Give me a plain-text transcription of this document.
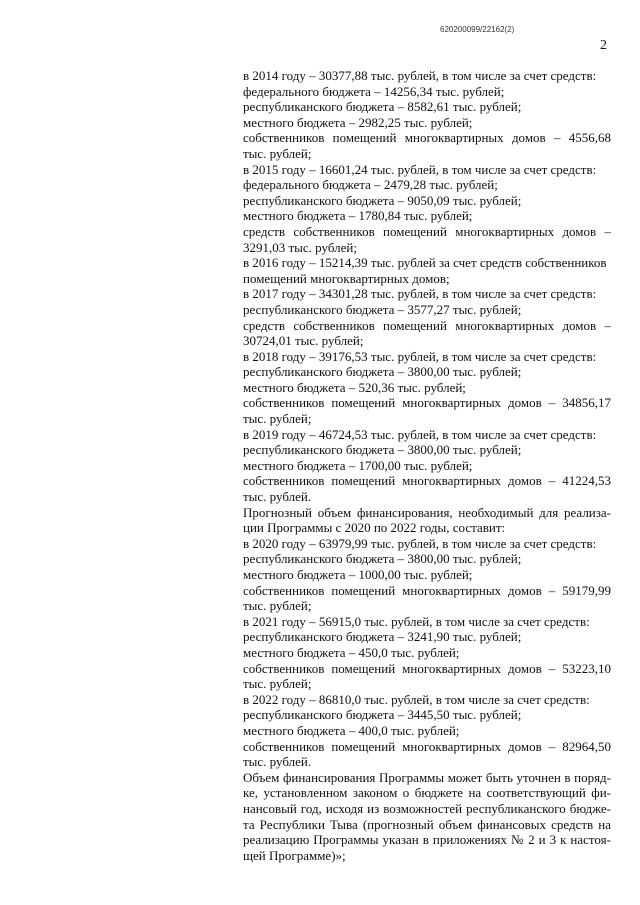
620200099/22162(2)
2
в 2014 году – 30377,88 тыс. рублей, в том числе за счет средств:
федерального бюджета – 14256,34 тыс. рублей;
республиканского бюджета – 8582,61 тыс. рублей;
местного бюджета – 2982,25 тыс. рублей;
собственников помещений многоквартирных домов – 4556,68
тыс. рублей;
в 2015 году – 16601,24 тыс. рублей, в том числе за счет средств:
федерального бюджета – 2479,28 тыс. рублей;
республиканского бюджета – 9050,09 тыс. рублей;
местного бюджета – 1780,84 тыс. рублей;
средств собственников помещений многоквартирных домов –
3291,03 тыс. рублей;
в 2016 году – 15214,39 тыс. рублей за счет средств собственников
помещений многоквартирных домов;
в 2017 году – 34301,28 тыс. рублей, в том числе за счет средств:
республиканского бюджета – 3577,27 тыс. рублей;
средств собственников помещений многоквартирных домов –
30724,01 тыс. рублей;
в 2018 году – 39176,53 тыс. рублей, в том числе за счет средств:
республиканского бюджета – 3800,00 тыс. рублей;
местного бюджета – 520,36 тыс. рублей;
собственников помещений многоквартирных домов – 34856,17
тыс. рублей;
в 2019 году – 46724,53 тыс. рублей, в том числе за счет средств:
республиканского бюджета – 3800,00 тыс. рублей;
местного бюджета – 1700,00 тыс. рублей;
собственников помещений многоквартирных домов – 41224,53
тыс. рублей.
Прогнозный объем финансирования, необходимый для реализа-
ции Программы с 2020 по 2022 годы, составит:
в 2020 году – 63979,99 тыс. рублей, в том числе за счет средств:
республиканского бюджета – 3800,00 тыс. рублей;
местного бюджета – 1000,00 тыс. рублей;
собственников помещений многоквартирных домов – 59179,99
тыс. рублей;
в 2021 году – 56915,0 тыс. рублей, в том числе за счет средств:
республиканского бюджета – 3241,90 тыс. рублей;
местного бюджета – 450,0 тыс. рублей;
собственников помещений многоквартирных домов – 53223,10
тыс. рублей;
в 2022 году – 86810,0 тыс. рублей, в том числе за счет средств:
республиканского бюджета – 3445,50 тыс. рублей;
местного бюджета – 400,0 тыс. рублей;
собственников помещений многоквартирных домов – 82964,50
тыс. рублей.
Объем финансирования Программы может быть уточнен в поряд-
ке, установленном законом о бюджете на соответствующий фи-
нансовый год, исходя из возможностей республиканского бюдже-
та Республики Тыва (прогнозный объем финансовых средств на
реализацию Программы указан в приложениях № 2 и 3 к настоя-
щей Программе)»;
